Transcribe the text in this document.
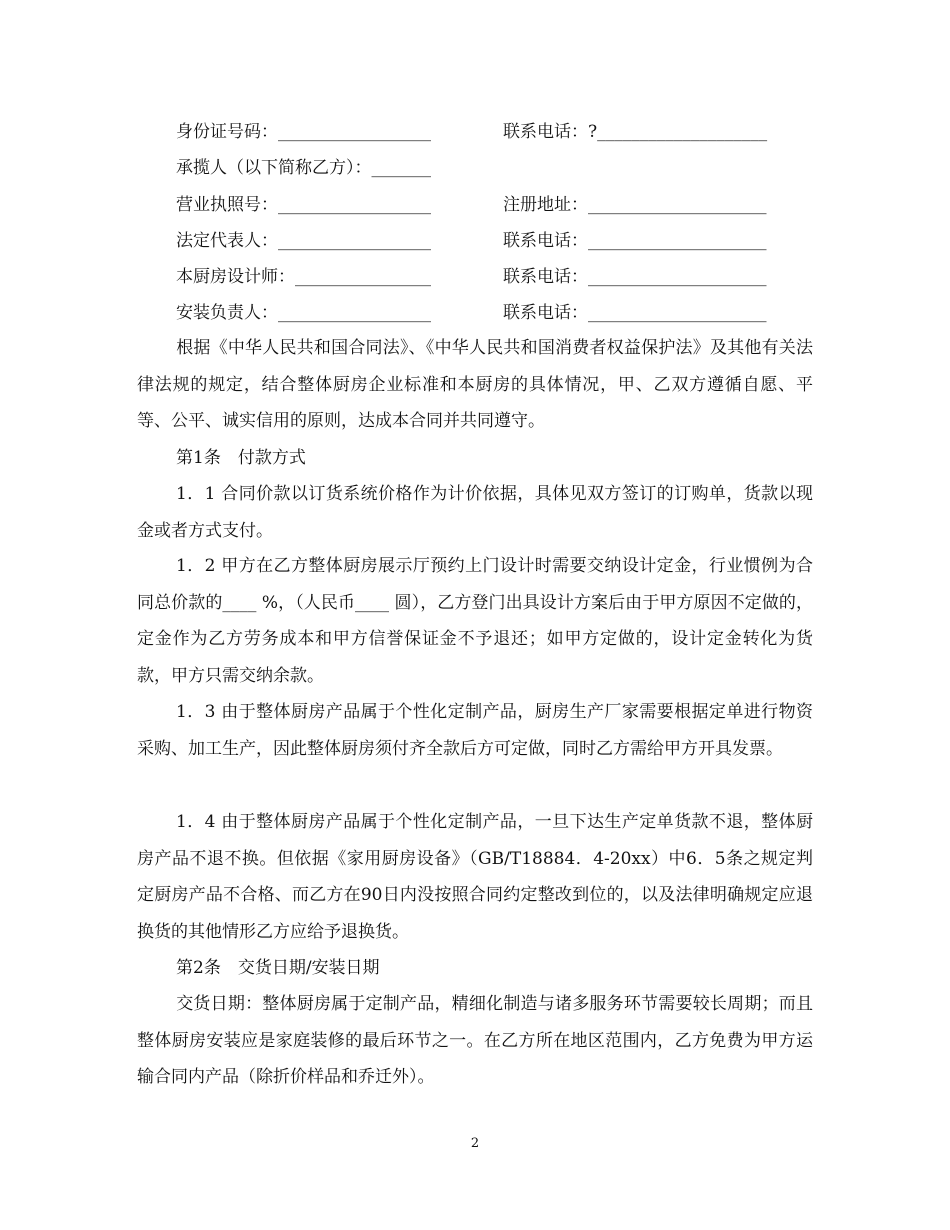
身份证号码：__________________	联系电话：?____________________
承揽人（以下简称乙方）：_______
营业执照号：__________________	注册地址：_____________________
法定代表人：__________________	联系电话：_____________________
本厨房设计师：________________	联系电话：_____________________
安装负责人：__________________	联系电话：_____________________
根据《中华人民共和国合同法》、《中华人民共和国消费者权益保护法》及其他有关法律法规的规定，结合整体厨房企业标准和本厨房的具体情况，甲、乙双方遵循自愿、平等、公平、诚实信用的原则，达成本合同并共同遵守。
第1条　付款方式
1．1 合同价款以订货系统价格作为计价依据，具体见双方签订的订购单，货款以现金或者方式支付。
1．2 甲方在乙方整体厨房展示厅预约上门设计时需要交纳设计定金，行业惯例为合同总价款的____ %，（人民币____ 圆），乙方登门出具设计方案后由于甲方原因不定做的，定金作为乙方劳务成本和甲方信誉保证金不予退还；如甲方定做的，设计定金转化为货款，甲方只需交纳余款。
1．3 由于整体厨房产品属于个性化定制产品，厨房生产厂家需要根据定单进行物资采购、加工生产，因此整体厨房须付齐全款后方可定做，同时乙方需给甲方开具发票。
1．4 由于整体厨房产品属于个性化定制产品，一旦下达生产定单货款不退，整体厨房产品不退不换。但依据《家用厨房设备》（GB/T18884．4-20xx）中6．5条之规定判定厨房产品不合格、而乙方在90日内没按照合同约定整改到位的，以及法律明确规定应退换货的其他情形乙方应给予退换货。
第2条　交货日期/安装日期
交货日期：整体厨房属于定制产品，精细化制造与诸多服务环节需要较长周期；而且整体厨房安装应是家庭装修的最后环节之一。在乙方所在地区范围内，乙方免费为甲方运输合同内产品（除折价样品和乔迁外）。
2
